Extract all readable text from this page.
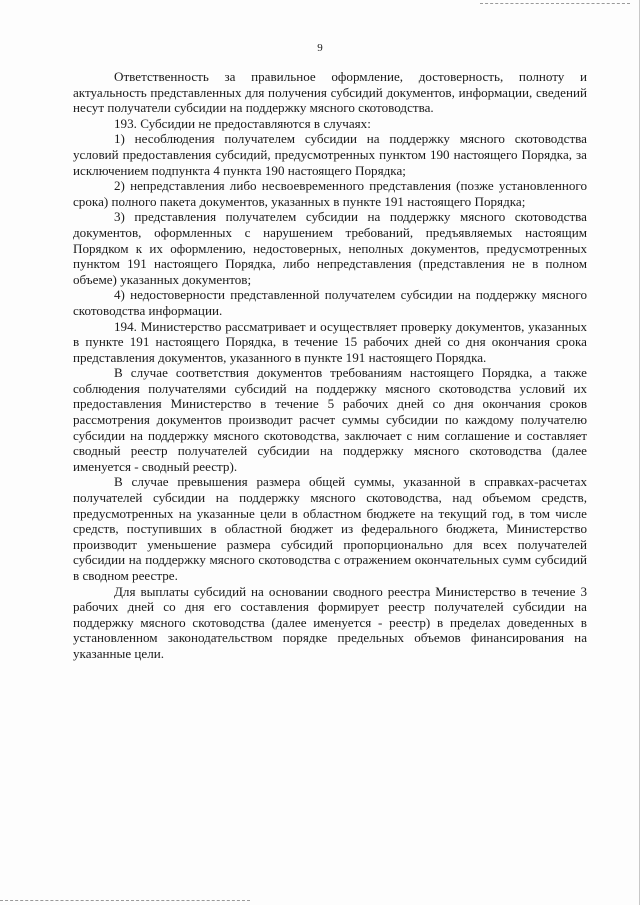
9

Ответственность за правильное оформление, достоверность, полноту и актуальность представленных для получения субсидий документов, информации, сведений несут получатели субсидии на поддержку мясного скотоводства.

193. Субсидии не предоставляются в случаях:

1) несоблюдения получателем субсидии на поддержку мясного скотоводства условий предоставления субсидий, предусмотренных пунктом 190 настоящего Порядка, за исключением подпункта 4 пункта 190 настоящего Порядка;

2) непредставления либо несвоевременного представления (позже установленного срока) полного пакета документов, указанных в пункте 191 настоящего Порядка;

3) представления получателем субсидии на поддержку мясного скотоводства документов, оформленных с нарушением требований, предъявляемых настоящим Порядком к их оформлению, недостоверных, неполных документов, предусмотренных пунктом 191 настоящего Порядка, либо непредставления (представления не в полном объеме) указанных документов;

4) недостоверности представленной получателем субсидии на поддержку мясного скотоводства информации.

194. Министерство рассматривает и осуществляет проверку документов, указанных в пункте 191 настоящего Порядка, в течение 15 рабочих дней со дня окончания срока представления документов, указанного в пункте 191 настоящего Порядка.

В случае соответствия документов требованиям настоящего Порядка, а также соблюдения получателями субсидий на поддержку мясного скотоводства условий их предоставления Министерство в течение 5 рабочих дней со дня окончания сроков рассмотрения документов производит расчет суммы субсидии по каждому получателю субсидии на поддержку мясного скотоводства, заключает с ним соглашение и составляет сводный реестр получателей субсидии на поддержку мясного скотоводства (далее именуется - сводный реестр).

В случае превышения размера общей суммы, указанной в справках-расчетах получателей субсидии на поддержку мясного скотоводства, над объемом средств, предусмотренных на указанные цели в областном бюджете на текущий год, в том числе средств, поступивших в областной бюджет из федерального бюджета, Министерство производит уменьшение размера субсидий пропорционально для всех получателей субсидии на поддержку мясного скотоводства с отражением окончательных сумм субсидий в сводном реестре.

Для выплаты субсидий на основании сводного реестра Министерство в течение 3 рабочих дней со дня его составления формирует реестр получателей субсидии на поддержку мясного скотоводства (далее именуется - реестр) в пределах доведенных в установленном законодательством порядке предельных объемов финансирования на указанные цели.
